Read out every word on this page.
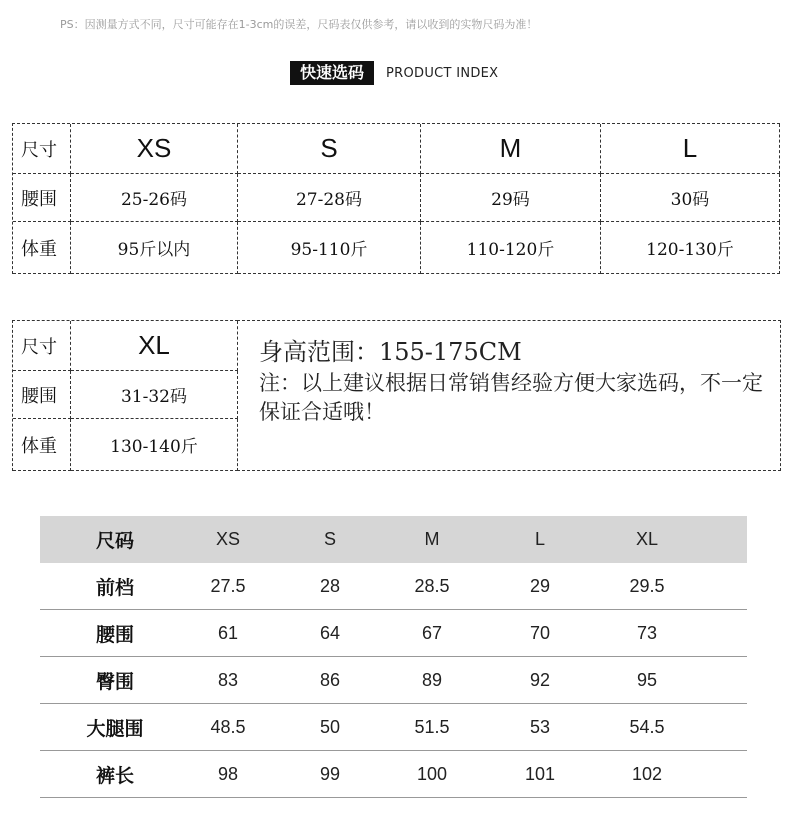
PS：因测量方式不同，尺寸可能存在1-3cm的误差，尺码表仅供参考，请以收到的实物尺码为准！
快速选码	PRODUCT INDEX
尺寸	XS	S	M	L
腰围	25-26码	27-28码	29码	30码
体重	95斤以内	95-110斤	110-120斤	120-130斤
尺寸	XL
腰围	31-32码
体重	130-140斤
身高范围：155-175CM
注：以上建议根据日常销售经验方便大家选码，不一定保证合适哦！
尺码	XS	S	M	L	XL
前档	27.5	28	28.5	29	29.5
腰围	61	64	67	70	73
臀围	83	86	89	92	95
大腿围	48.5	50	51.5	53	54.5
裤长	98	99	100	101	102
